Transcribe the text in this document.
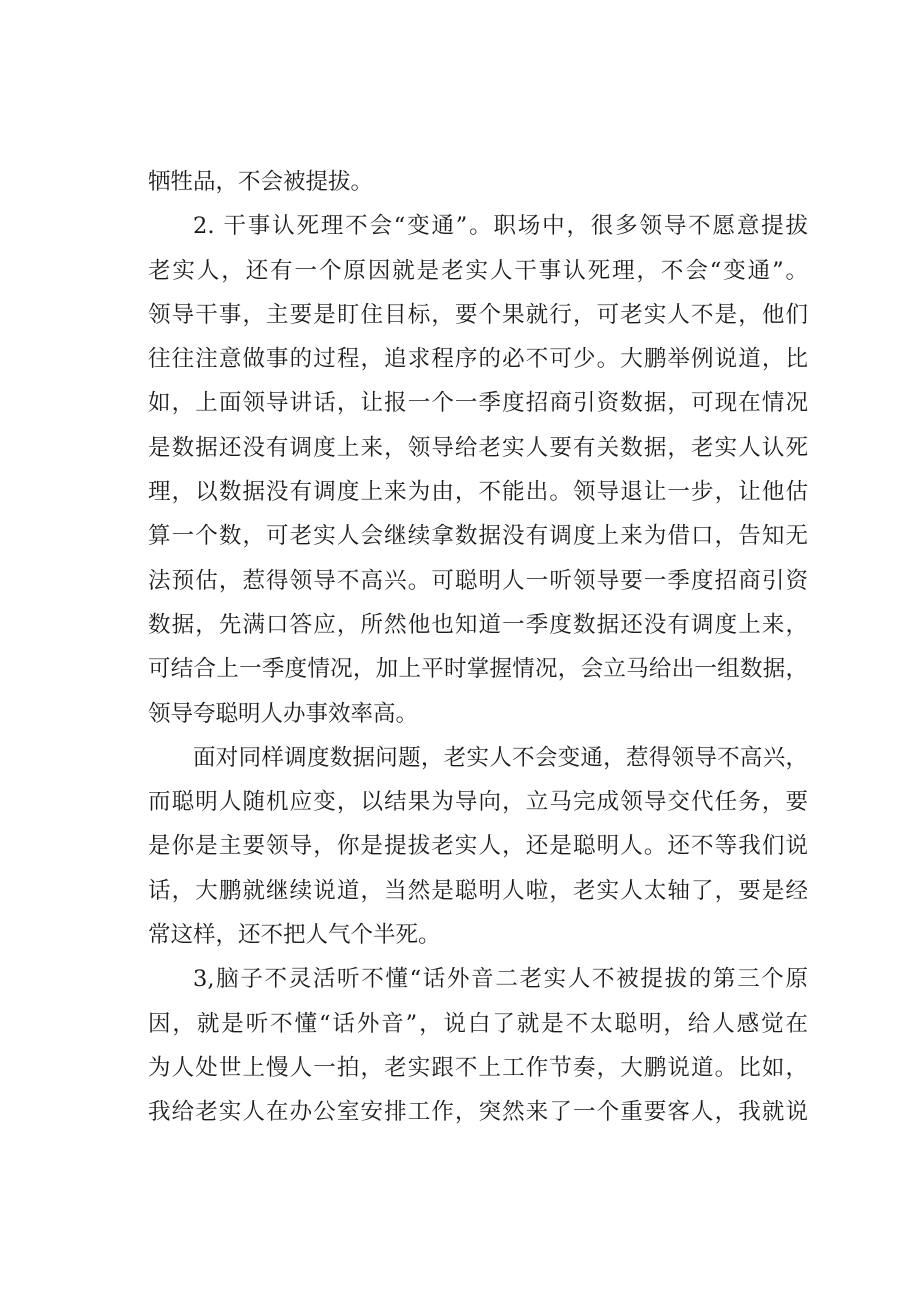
牺牲品，不会被提拔。
2. 干事认死理不会“变通”。职场中，很多领导不愿意提拔
老实人，还有一个原因就是老实人干事认死理，不会“变通”。
领导干事，主要是盯住目标，要个果就行，可老实人不是，他们
往往注意做事的过程，追求程序的必不可少。大鹏举例说道，比
如，上面领导讲话，让报一个一季度招商引资数据，可现在情况
是数据还没有调度上来，领导给老实人要有关数据，老实人认死
理，以数据没有调度上来为由，不能出。领导退让一步，让他估
算一个数，可老实人会继续拿数据没有调度上来为借口，告知无
法预估，惹得领导不高兴。可聪明人一听领导要一季度招商引资
数据，先满口答应，所然他也知道一季度数据还没有调度上来，
可结合上一季度情况，加上平时掌握情况，会立马给出一组数据，
领导夸聪明人办事效率高。
面对同样调度数据问题，老实人不会变通，惹得领导不高兴，
而聪明人随机应变，以结果为导向，立马完成领导交代任务，要
是你是主要领导，你是提拔老实人，还是聪明人。还不等我们说
话，大鹏就继续说道，当然是聪明人啦，老实人太轴了，要是经
常这样，还不把人气个半死。
3,脑子不灵活听不懂“话外音二老实人不被提拔的第三个原
因，就是听不懂“话外音”，说白了就是不太聪明，给人感觉在
为人处世上慢人一拍，老实跟不上工作节奏，大鹏说道。比如，
我给老实人在办公室安排工作，突然来了一个重要客人，我就说
